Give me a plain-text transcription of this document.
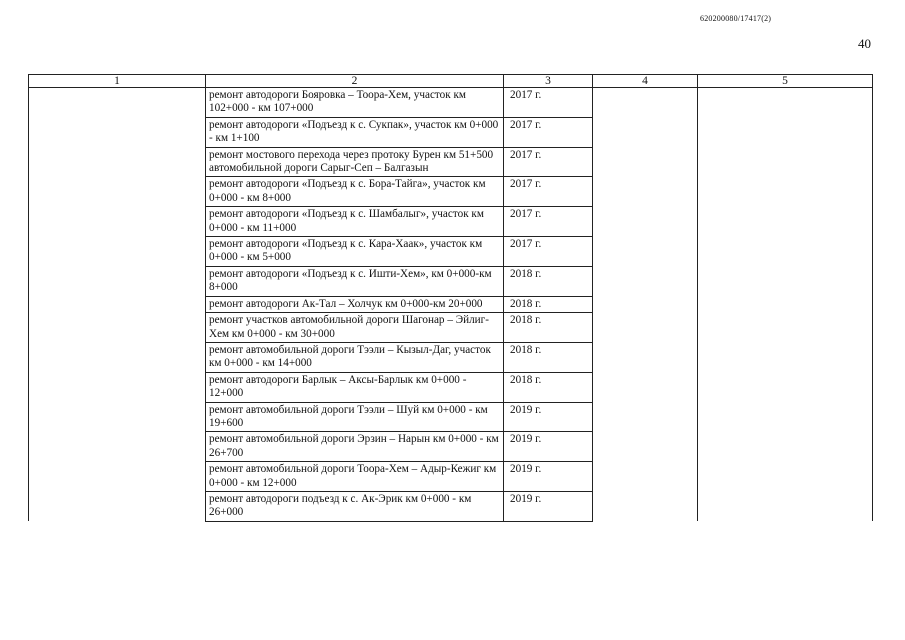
620200080/17417(2)
40
1	2	3	4	5
	ремонт автодороги Бояровка – Тоора-Хем, участок км 102+000 - км 107+000	2017 г.		
	ремонт автодороги «Подъезд к с. Сукпак», участок км 0+000 - км 1+100	2017 г.		
	ремонт мостового перехода через протоку Бурен км 51+500 автомобильной дороги Сарыг-Сеп – Балгазын	2017 г.		
	ремонт автодороги «Подъезд к с. Бора-Тайга», участок км 0+000 - км 8+000	2017 г.		
	ремонт автодороги «Подъезд к с. Шамбалыг», участок км 0+000 - км 11+000	2017 г.		
	ремонт автодороги «Подъезд к с. Кара-Хаак», участок км 0+000 - км 5+000	2017 г.		
	ремонт автодороги «Подъезд к с. Ишти-Хем», км 0+000-км 8+000	2018 г.		
	ремонт автодороги Ак-Тал – Холчук км 0+000-км 20+000	2018 г.		
	ремонт участков автомобильной дороги Шагонар – Эйлиг-Хем км 0+000 - км 30+000	2018 г.		
	ремонт автомобильной дороги Тээли – Кызыл-Даг, участок км 0+000 - км 14+000	2018 г.		
	ремонт автодороги Барлык – Аксы-Барлык км 0+000 - 12+000	2018 г.		
	ремонт автомобильной дороги Тээли – Шуй км 0+000 - км 19+600	2019 г.		
	ремонт автомобильной дороги Эрзин – Нарын км 0+000 - км 26+700	2019 г.		
	ремонт автомобильной дороги Тоора-Хем – Адыр-Кежиг км 0+000 - км 12+000	2019 г.		
	ремонт автодороги подъезд к с. Ак-Эрик км 0+000 - км 26+000	2019 г.		
